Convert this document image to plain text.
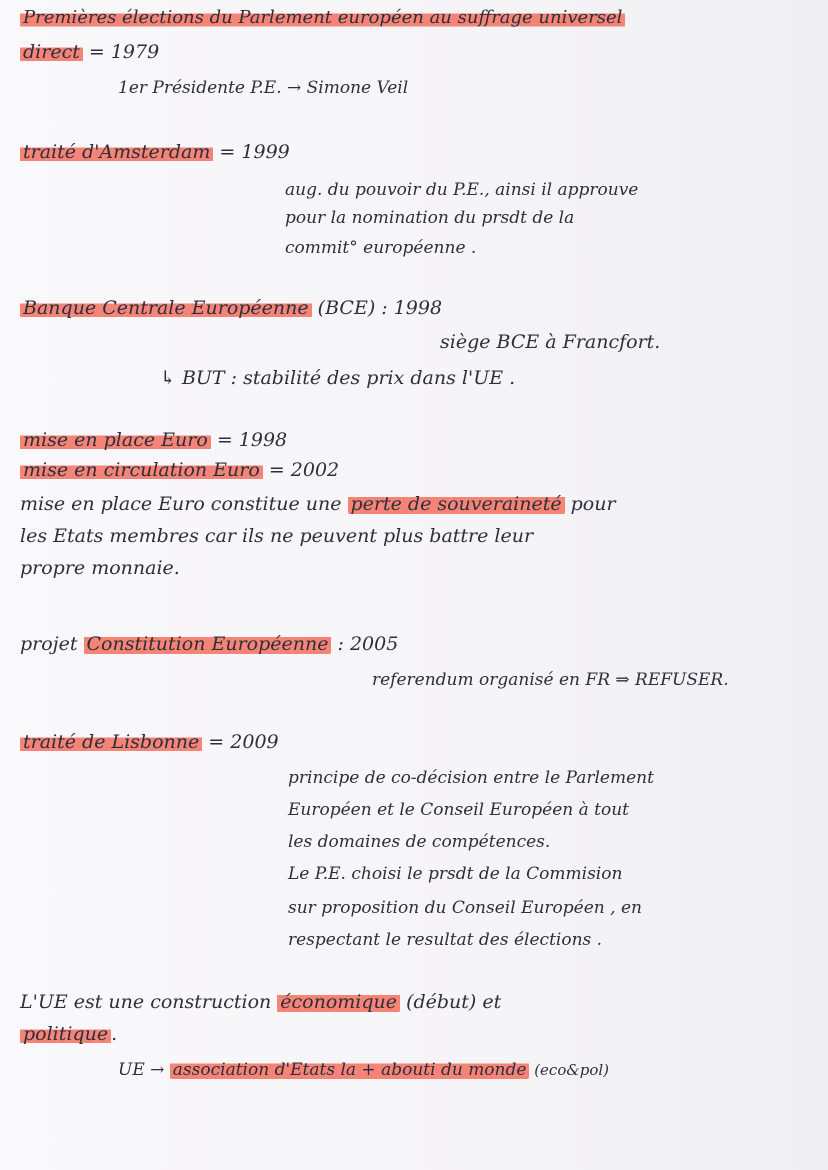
Premières élections du Parlement européen au suffrage universel
direct = 1979
1er Présidente P.E. → Simone Veil
traité d'Amsterdam = 1999
aug. du pouvoir du P.E., ainsi il approuve
pour la nomination du prsdt de la
commit° européenne .
Banque Centrale Européenne (BCE) : 1998
siège BCE à Francfort.
↳ BUT : stabilité des prix dans l'UE .
mise en place Euro = 1998
mise en circulation Euro = 2002
mise en place Euro constitue une perte de souveraineté pour
les Etats membres car ils ne peuvent plus battre leur
propre monnaie.
projet Constitution Européenne : 2005
referendum organisé en FR ⇒ REFUSER.
traité de Lisbonne = 2009
principe de co-décision entre le Parlement
Européen et le Conseil Européen à tout
les domaines de compétences.
Le P.E. choisi le prsdt de la Commision
sur proposition du Conseil Européen , en
respectant le resultat des élections .
L'UE est une construction économique (début) et
politique .
UE → association d'Etats la + abouti du monde (eco&pol)
